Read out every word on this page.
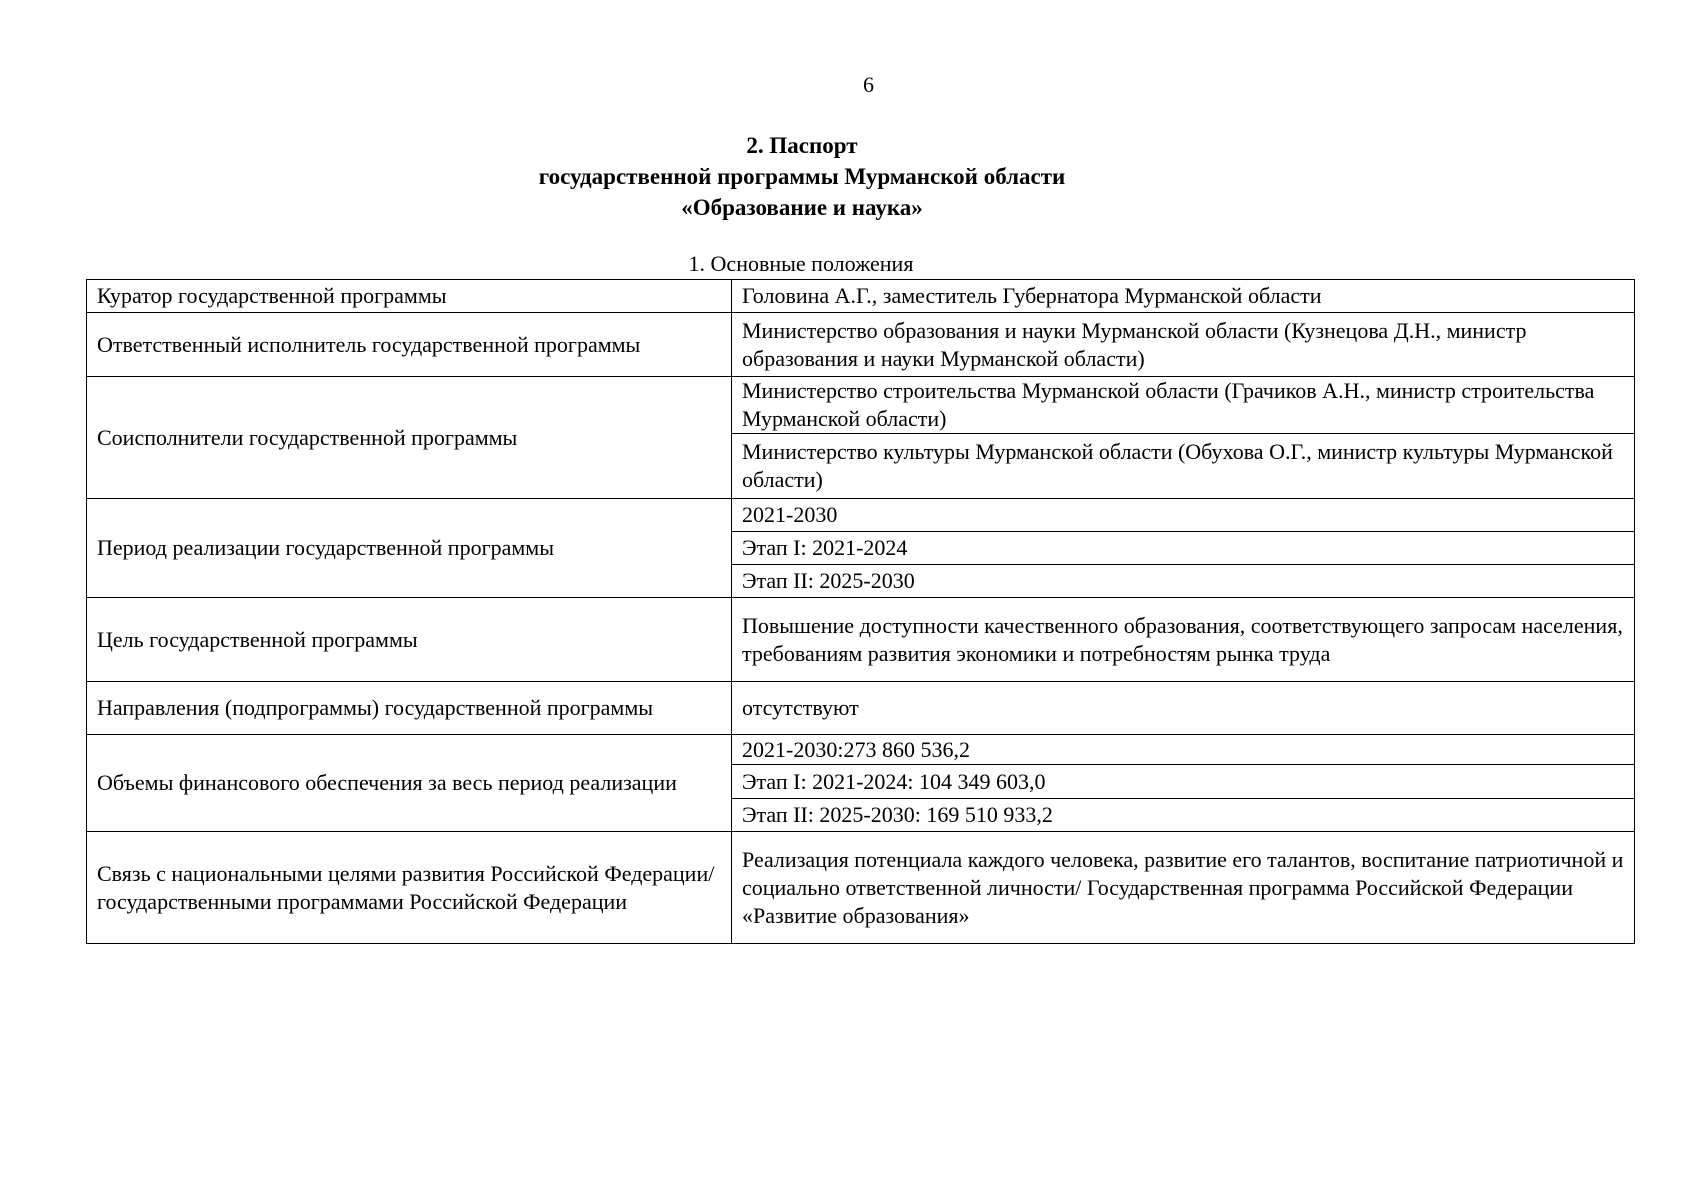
6
2. Паспорт
государственной программы Мурманской области
«Образование и наука»
1. Основные положения
Куратор государственной программы	Головина А.Г., заместитель Губернатора Мурманской области
Ответственный исполнитель государственной программы	Министерство образования и науки Мурманской области (Кузнецова Д.Н., министр образования и науки Мурманской области)
Соисполнители государственной программы	Министерство строительства Мурманской области (Грачиков А.Н., министр строительства Мурманской области)
	Министерство культуры Мурманской области (Обухова О.Г., министр культуры Мурманской области)
Период реализации государственной программы	2021-2030
	Этап I: 2021-2024
	Этап II: 2025-2030
Цель государственной программы	Повышение доступности качественного образования, соответствующего запросам населения, требованиям развития экономики и потребностям рынка труда
Направления (подпрограммы) государственной программы	отсутствуют
Объемы финансового обеспечения за весь период реализации	2021-2030:273 860 536,2
	Этап I: 2021-2024: 104 349 603,0
	Этап II: 2025-2030: 169 510 933,2
Связь с национальными целями развития Российской Федерации/ государственными программами Российской Федерации	Реализация потенциала каждого человека, развитие его талантов, воспитание патриотичной и социально ответственной личности/ Государственная программа Российской Федерации «Развитие образования»
